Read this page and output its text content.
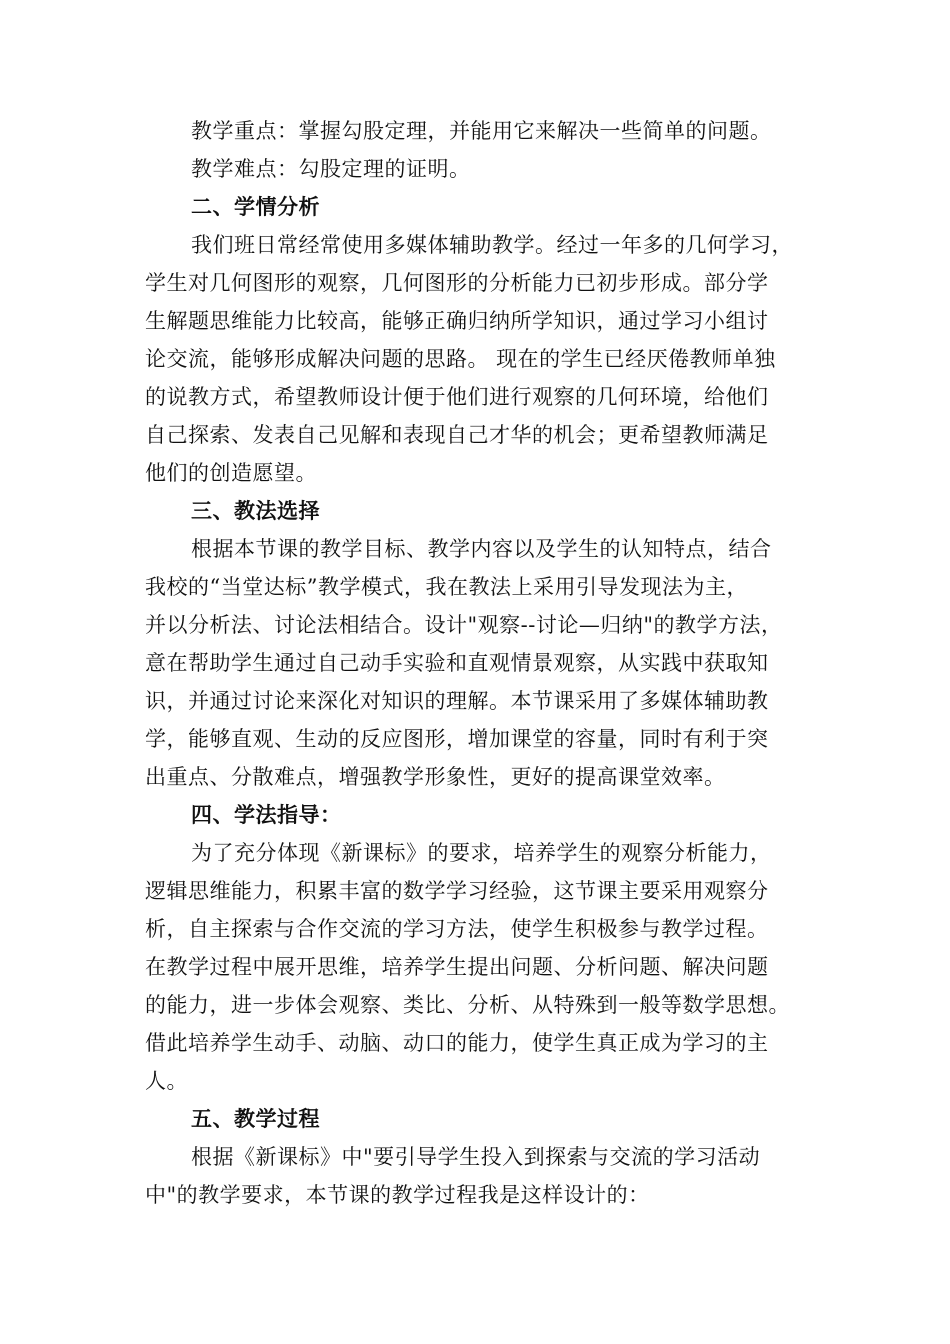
教学重点：掌握勾股定理，并能用它来解决一些简单的问题。
教学难点：勾股定理的证明。
二、学情分析
我们班日常经常使用多媒体辅助教学。经过一年多的几何学习，
学生对几何图形的观察，几何图形的分析能力已初步形成。部分学
生解题思维能力比较高，能够正确归纳所学知识，通过学习小组讨
论交流，能够形成解决问题的思路。 现在的学生已经厌倦教师单独
的说教方式，希望教师设计便于他们进行观察的几何环境，给他们
自己探索、发表自己见解和表现自己才华的机会；更希望教师满足
他们的创造愿望。
三、教法选择
根据本节课的教学目标、教学内容以及学生的认知特点，结合
我校的“当堂达标”教学模式，我在教法上采用引导发现法为主，
并以分析法、讨论法相结合。设计"观察--讨论—归纳"的教学方法，
意在帮助学生通过自己动手实验和直观情景观察，从实践中获取知
识，并通过讨论来深化对知识的理解。本节课采用了多媒体辅助教
学，能够直观、生动的反应图形，增加课堂的容量，同时有利于突
出重点、分散难点，增强教学形象性，更好的提高课堂效率。
四、学法指导：
为了充分体现《新课标》的要求，培养学生的观察分析能力，
逻辑思维能力，积累丰富的数学学习经验，这节课主要采用观察分
析，自主探索与合作交流的学习方法，使学生积极参与教学过程。
在教学过程中展开思维，培养学生提出问题、分析问题、解决问题
的能力，进一步体会观察、类比、分析、从特殊到一般等数学思想。
借此培养学生动手、动脑、动口的能力，使学生真正成为学习的主
人。
五、教学过程
根据《新课标》中"要引导学生投入到探索与交流的学习活动
中"的教学要求，本节课的教学过程我是这样设计的：
